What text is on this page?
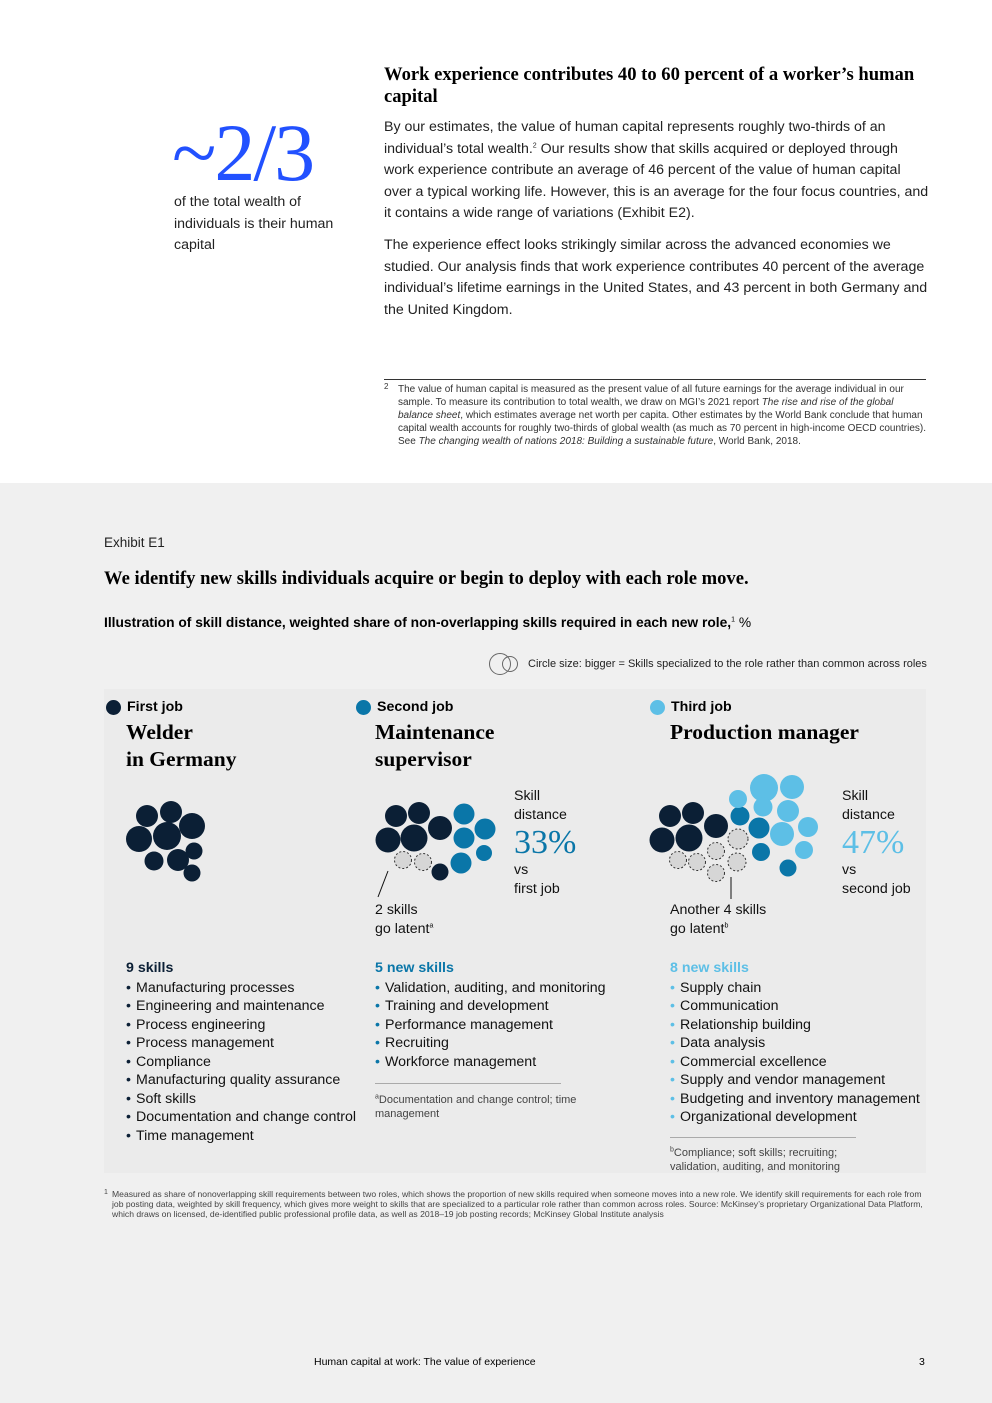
~2/3
of the total wealth of individuals is their human capital
Work experience contributes 40 to 60 percent of a worker’s human capital

By our estimates, the value of human capital represents roughly two-thirds of an individual’s total wealth.$^2$ Our results show that skills acquired or deployed through work experience contribute an average of 46 percent of the value of human capital over a typical working life. However, this is an average for the four focus countries, and it contains a wide range of variations (Exhibit E2).

The experience effect looks strikingly similar across the advanced economies we studied. Our analysis finds that work experience contributes 40 percent of the average individual’s lifetime earnings in the United States, and 43 percent in both Germany and the United Kingdom.

2 The value of human capital is measured as the present value of all future earnings for the average individual in our sample. To measure its contribution to total wealth, we draw on MGI’s 2021 report The rise and rise of the global balance sheet, which estimates average net worth per capita. Other estimates by the World Bank conclude that human capital wealth accounts for roughly two-thirds of global wealth (as much as 70 percent in high-income OECD countries). See The changing wealth of nations 2018: Building a sustainable future, World Bank, 2018.
Exhibit E1
We identify new skills individuals acquire or begin to deploy with each role move.
Illustration of skill distance, weighted share of non-overlapping skills required in each new role,$^1$ %
Circle size: bigger = Skills specialized to the role rather than common across roles
First job	Second job	Third job
Welder
in Germany
Maintenance
supervisor
Production manager
Skill
distance
33%
vs
first job
Skill
distance
47%
vs
second job
2 skills
go latent$^a$
Another 4 skills
go latent$^b$
9 skills
• Manufacturing processes
• Engineering and maintenance
• Process engineering
• Process management
• Compliance
• Manufacturing quality assurance
• Soft skills
• Documentation and change control
• Time management
5 new skills
• Validation, auditing, and monitoring
• Training and development
• Performance management
• Recruiting
• Workforce management
8 new skills
• Supply chain
• Communication
• Relationship building
• Data analysis
• Commercial excellence
• Supply and vendor management
• Budgeting and inventory management
• Organizational development
$^a$Documentation and change control; time management
$^b$Compliance; soft skills; recruiting; validation, auditing, and monitoring
1 Measured as share of nonoverlapping skill requirements between two roles, which shows the proportion of new skills required when someone moves into a new role. We identify skill requirements for each role from job posting data, weighted by skill frequency, which gives more weight to skills that are specialized to a particular role rather than common across roles. Source: McKinsey’s proprietary Organizational Data Platform, which draws on licensed, de-identified public professional profile data, as well as 2018–19 job posting records; McKinsey Global Institute analysis
Human capital at work: The value of experience	3
